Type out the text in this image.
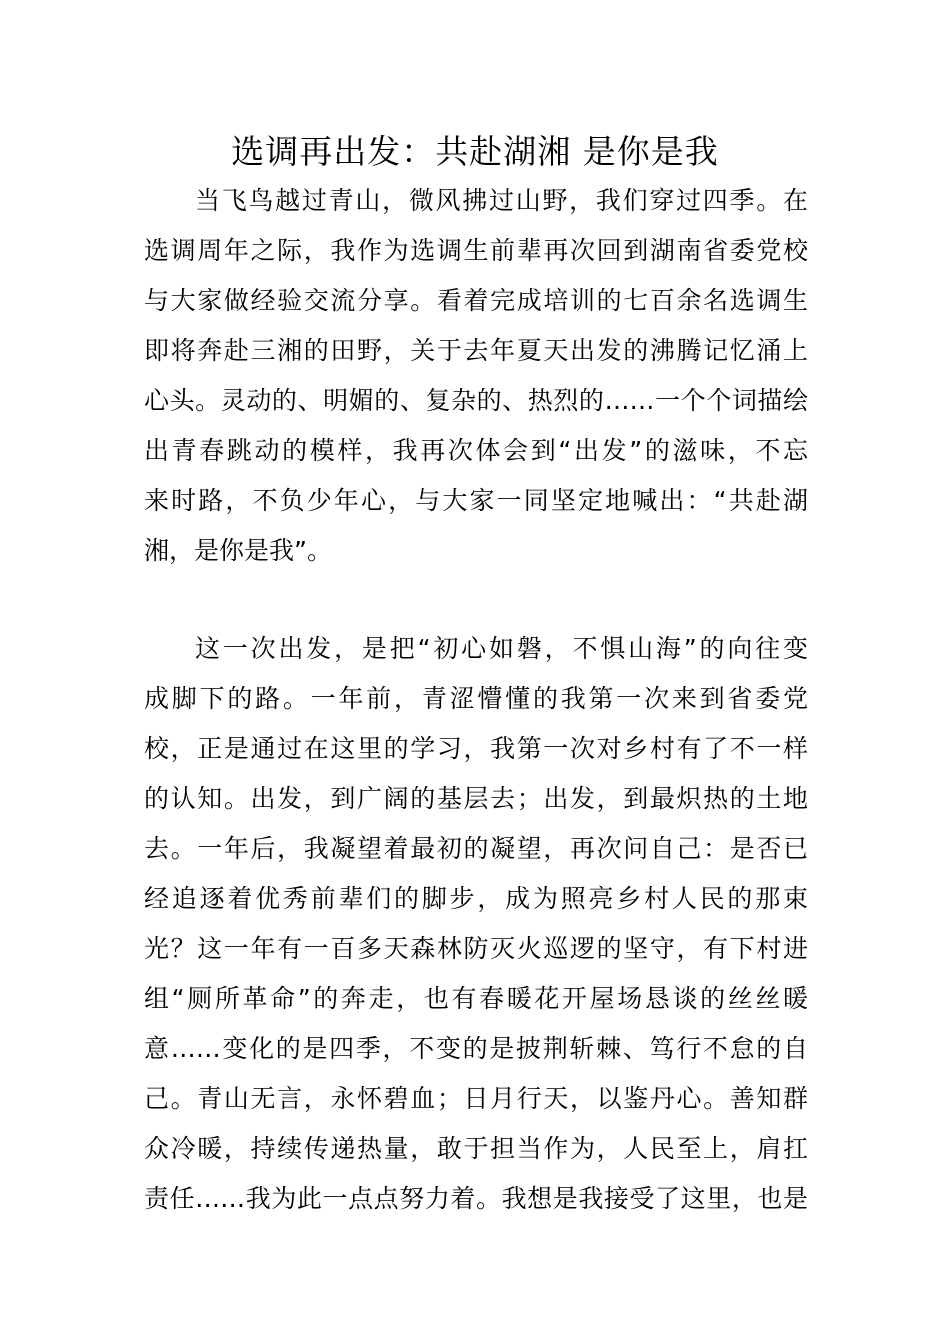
选调再出发：共赴湖湘 是你是我

当飞鸟越过青山，微风拂过山野，我们穿过四季。在

选调周年之际，我作为选调生前辈再次回到湖南省委党校

与大家做经验交流分享。看着完成培训的七百余名选调生

即将奔赴三湘的田野，关于去年夏天出发的沸腾记忆涌上

心头。灵动的、明媚的、复杂的、热烈的……一个个词描绘

出青春跳动的模样，我再次体会到“出发”的滋味，不忘

来时路，不负少年心，与大家一同坚定地喊出：“共赴湖

湘，是你是我”。

这一次出发，是把“初心如磐，不惧山海”的向往变

成脚下的路。一年前，青涩懵懂的我第一次来到省委党

校，正是通过在这里的学习，我第一次对乡村有了不一样

的认知。出发，到广阔的基层去；出发，到最炽热的土地

去。一年后，我凝望着最初的凝望，再次问自己：是否已

经追逐着优秀前辈们的脚步，成为照亮乡村人民的那束

光？这一年有一百多天森林防灭火巡逻的坚守，有下村进

组“厕所革命”的奔走，也有春暖花开屋场恳谈的丝丝暖

意……变化的是四季，不变的是披荆斩棘、笃行不怠的自

己。青山无言，永怀碧血；日月行天，以鉴丹心。善知群

众冷暖，持续传递热量，敢于担当作为，人民至上，肩扛

责任……我为此一点点努力着。我想是我接受了这里，也是
